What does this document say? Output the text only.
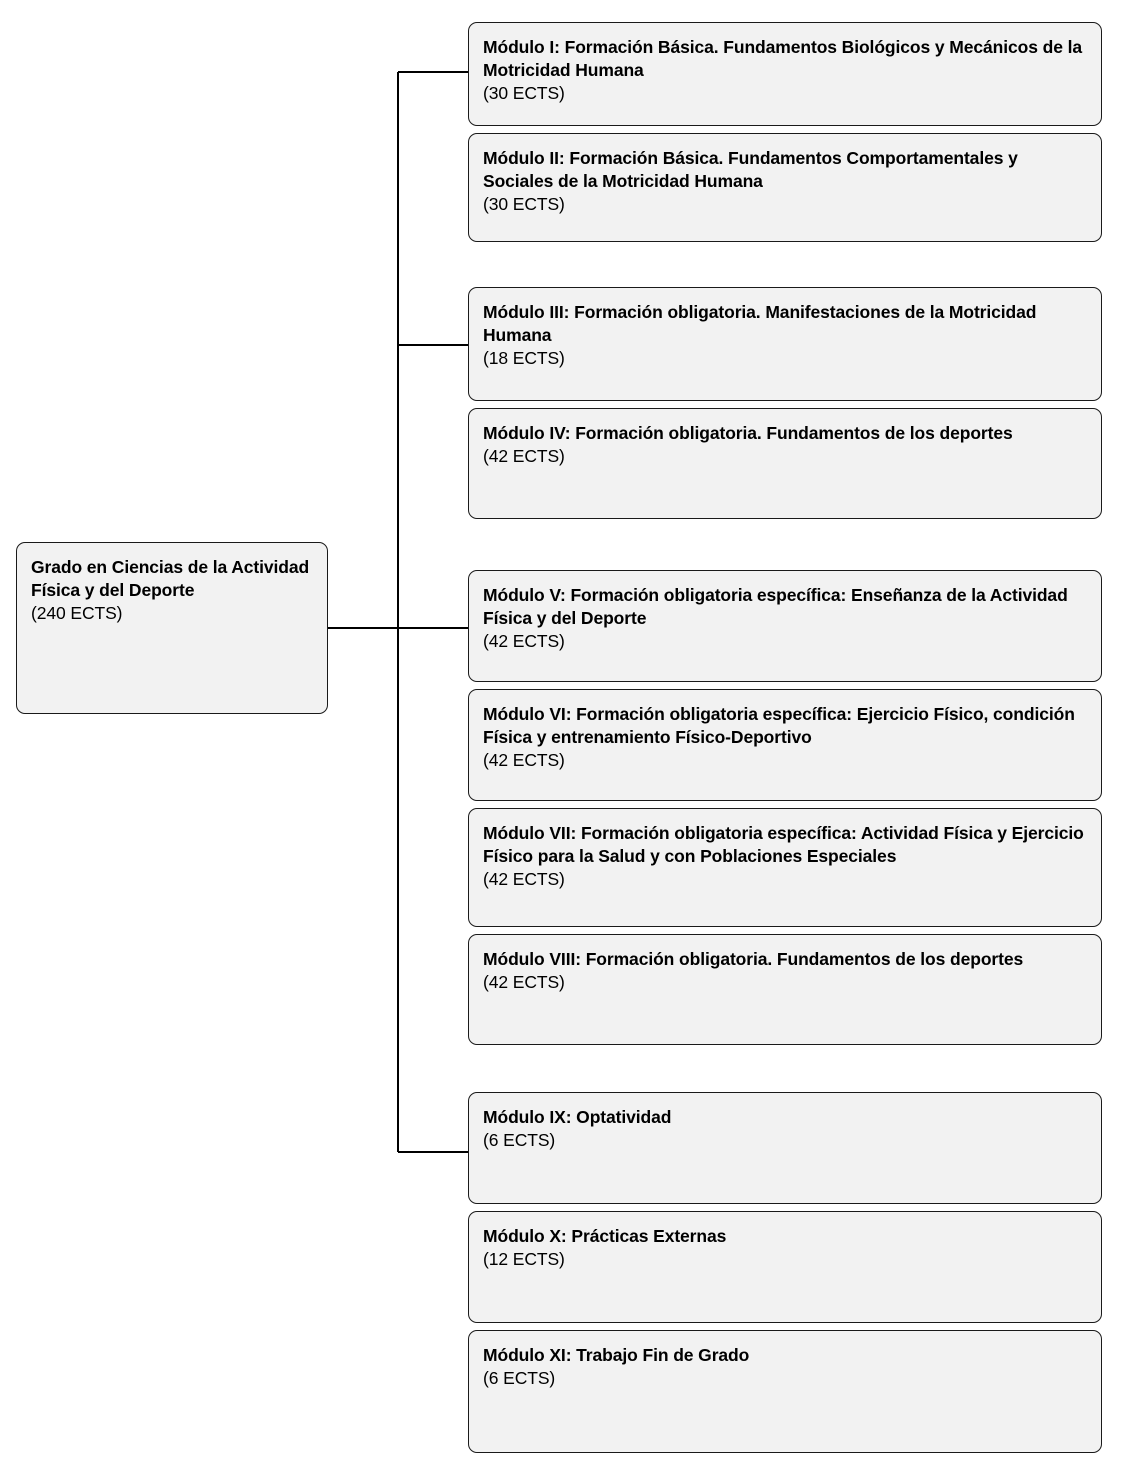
Grado en Ciencias de la Actividad Física y del Deporte
(240 ECTS)
Módulo I: Formación Básica. Fundamentos Biológicos y Mecánicos de la Motricidad Humana
(30 ECTS)
Módulo II: Formación Básica. Fundamentos Comportamentales y Sociales de la Motricidad Humana
(30 ECTS)
Módulo III: Formación obligatoria. Manifestaciones de la Motricidad Humana
(18 ECTS)
Módulo IV: Formación obligatoria. Fundamentos de los deportes
(42 ECTS)
Módulo V: Formación obligatoria específica: Enseñanza de la Actividad Física y del Deporte
(42 ECTS)
Módulo VI: Formación obligatoria específica: Ejercicio Físico, condición Física y entrenamiento Físico-Deportivo
(42 ECTS)
Módulo VII: Formación obligatoria específica: Actividad Física y Ejercicio Físico para la Salud y con Poblaciones Especiales
(42 ECTS)
Módulo VIII: Formación obligatoria. Fundamentos de los deportes
(42 ECTS)
Módulo IX: Optatividad
(6 ECTS)
Módulo X: Prácticas Externas
(12 ECTS)
Módulo XI: Trabajo Fin de Grado
(6 ECTS)
